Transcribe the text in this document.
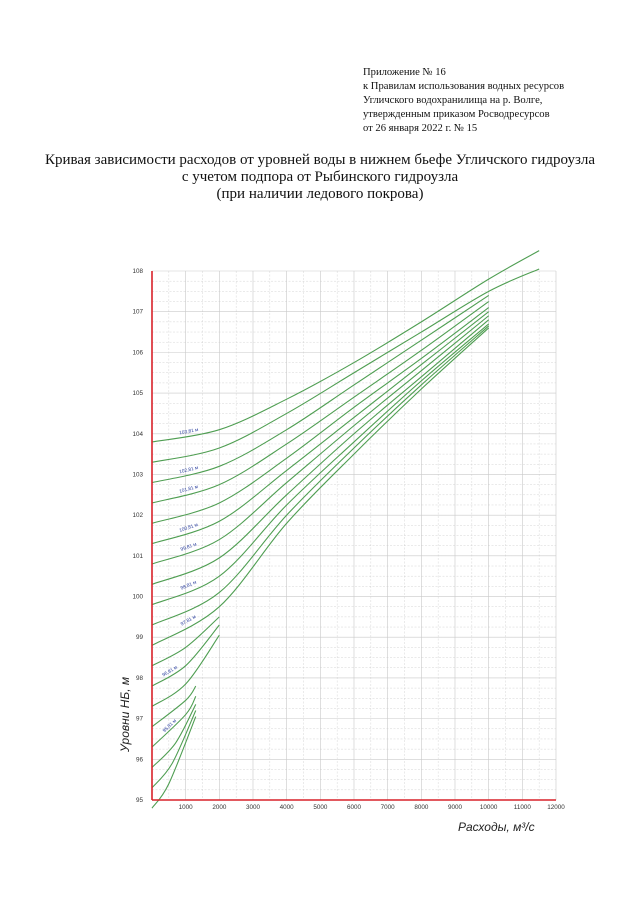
Приложение № 16
к Правилам использования водных ресурсов
Угличского водохранилища на р. Волге,
утвержденным приказом Росводресурсов
от 26 января 2022 г. № 15
Кривая зависимости расходов от уровней воды в нижнем бьефе Угличского гидроузла
с учетом подпора от Рыбинского гидроузла
(при наличии ледового покрова)
1000	2000	3000	4000	5000	6000	7000	8000	9000	10000	11000	12000
95
96
97
98
99
100
101
102
103
104
105
106
107
108
103,81 м
102,81 м
101,81 м
100,81 м
99,81 м
98,81 м
97,81 м
96,81 м
95,81 м
Расходы, м³/с
Уровни НБ, м
